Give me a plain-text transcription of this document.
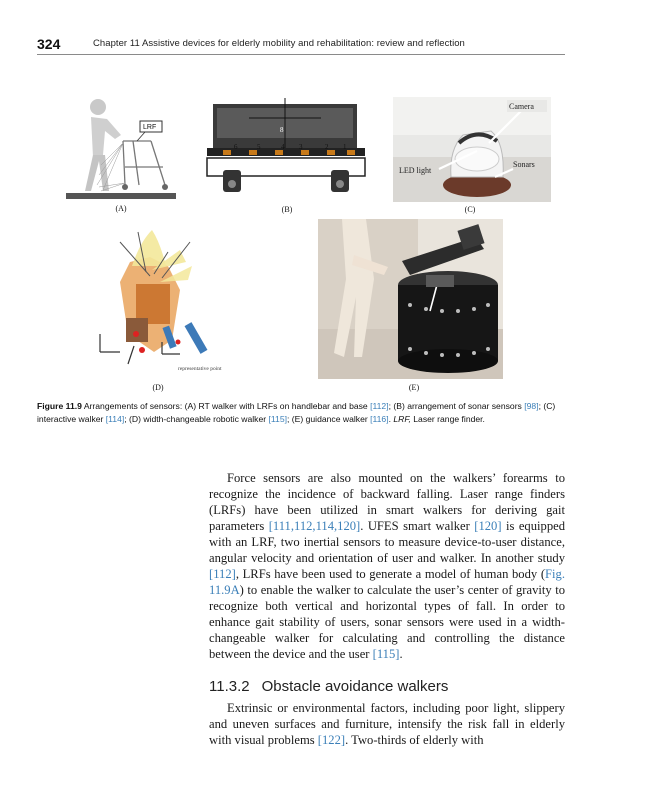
324	Chapter 11 Assistive devices for elderly mobility and rehabilitation: review and reflection
LRF	8
6	5	4 3	2 1
Camera
Sonars
LED light
representative point
(A)	(B)	(C)
(D)	(E)
Figure 11.9 Arrangements of sensors: (A) RT walker with LRFs on handlebar and base [112]; (B) arrangement of sonar sensors [98]; (C) interactive walker [114]; (D) width-changeable robotic walker [115]; (E) guidance walker [116]. LRF, Laser range finder.

Force sensors are also mounted on the walkers’ forearms to recognize the incidence of backward falling. Laser range finders (LRFs) have been utilized in smart walkers for deriving gait parameters [111,112,114,120]. UFES smart walker [120] is equipped with an LRF, two inertial sensors to measure device-to-user distance, angular velocity and orientation of user and walker. In another study [112], LRFs have been used to generate a model of human body (Fig. 11.9A) to enable the walker to calculate the user’s center of gravity to recognize both vertical and horizontal types of fall. In order to enhance gait stability of users, sonar sensors were used in a width-changeable walker for calculating and controlling the distance between the device and the user [115].

11.3.2 Obstacle avoidance walkers

Extrinsic or environmental factors, including poor light, slippery and uneven surfaces and furniture, intensify the risk fall in elderly with visual problems [122]. Two-thirds of elderly with
